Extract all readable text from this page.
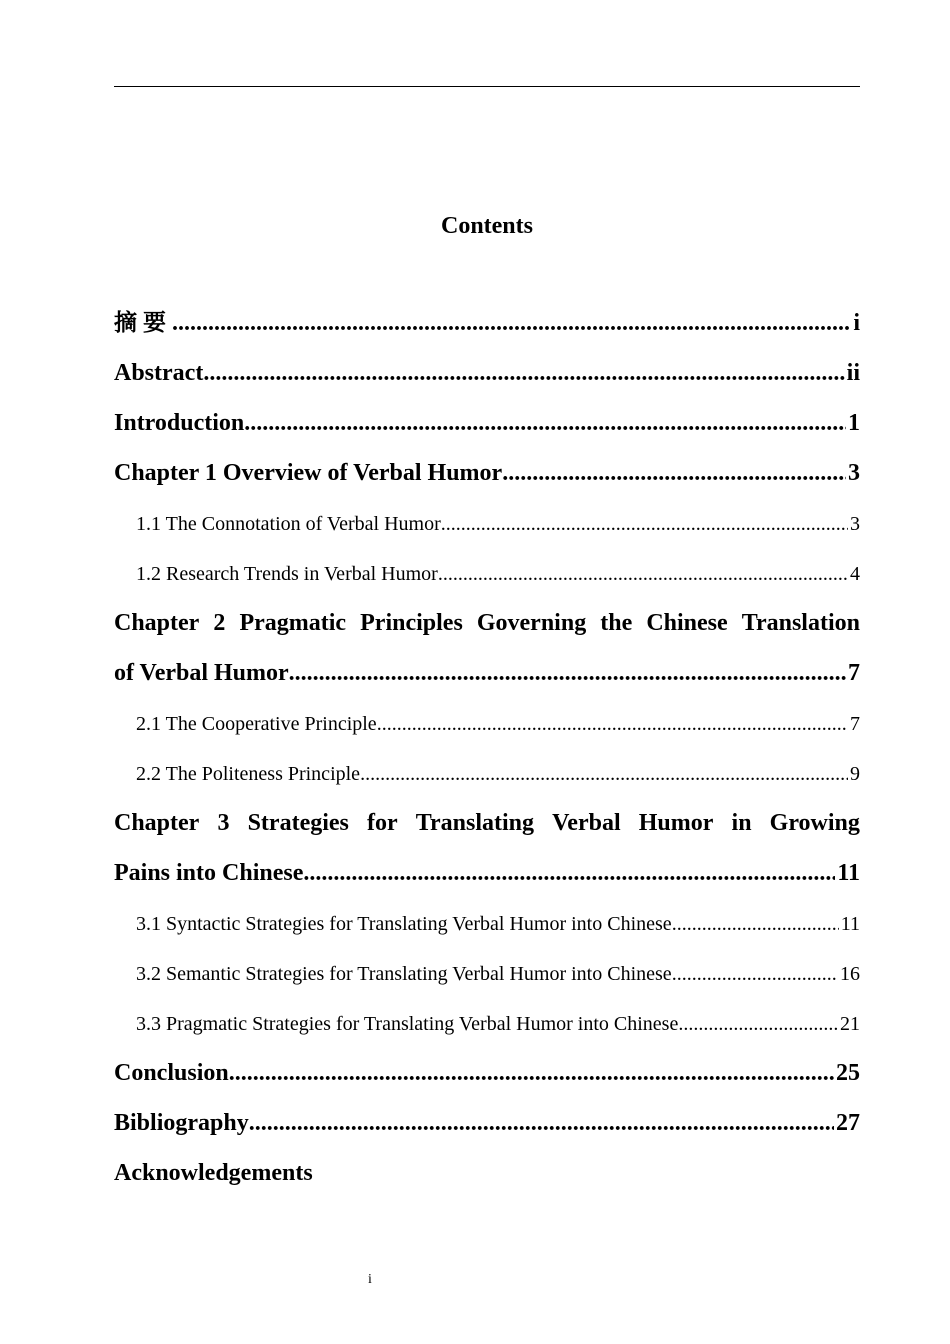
Contents
摘要 .....	i
Abstract .....	ii
Introduction .....	1
Chapter 1 Overview of Verbal Humor .....	3
1.1 The Connotation of Verbal Humor .....	3
1.2 Research Trends in Verbal Humor .....	4
Chapter 2 Pragmatic Principles Governing the Chinese Translation
of Verbal Humor .....	7
2.1 The Cooperative Principle .....	7
2.2 The Politeness Principle .....	9
Chapter 3 Strategies for Translating Verbal Humor in Growing
Pains into Chinese .....	11
3.1 Syntactic Strategies for Translating Verbal Humor into Chinese .....	11
3.2 Semantic Strategies for Translating Verbal Humor into Chinese .....	16
3.3 Pragmatic Strategies for Translating Verbal Humor into Chinese .....	21
Conclusion .....	25
Bibliography .....	27
Acknowledgements
i
